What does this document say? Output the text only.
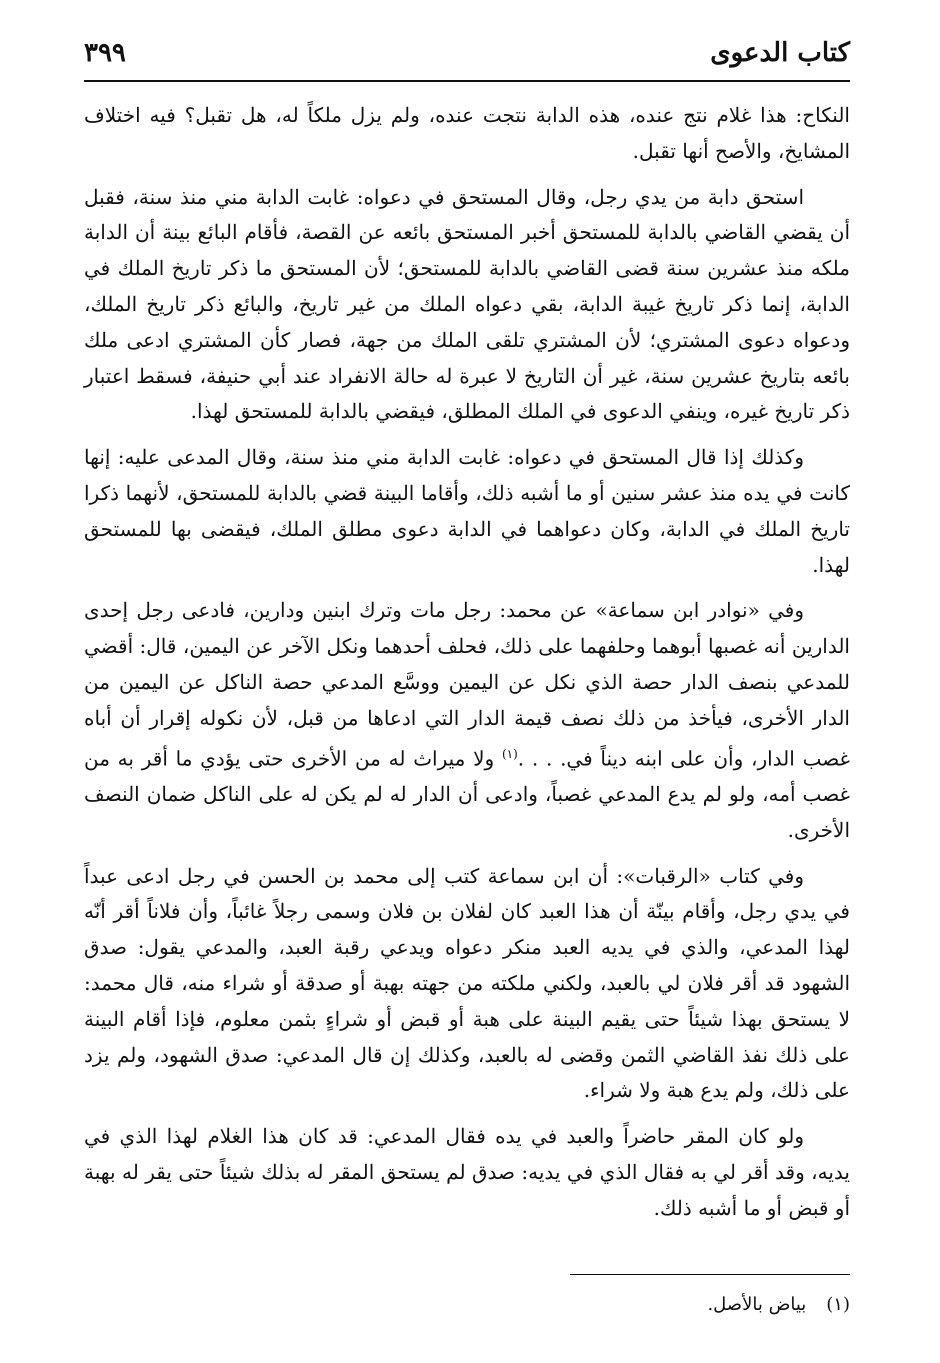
كتاب الدعوى
٣٩٩

النكاح: هذا غلام نتج عنده، هذه الدابة نتجت عنده، ولم يزل ملكاً له، هل تقبل؟ فيه اختلاف المشايخ، والأصح أنها تقبل.

استحق دابة من يدي رجل، وقال المستحق في دعواه: غابت الدابة مني منذ سنة، فقبل أن يقضي القاضي بالدابة للمستحق أخبر المستحق بائعه عن القصة، فأقام البائع بينة أن الدابة ملكه منذ عشرين سنة قضى القاضي بالدابة للمستحق؛ لأن المستحق ما ذكر تاريخ الملك في الدابة، إنما ذكر تاريخ غيبة الدابة، بقي دعواه الملك من غير تاريخ، والبائع ذكر تاريخ الملك، ودعواه دعوى المشتري؛ لأن المشتري تلقى الملك من جهة، فصار كأن المشتري ادعى ملك بائعه بتاريخ عشرين سنة، غير أن التاريخ لا عبرة له حالة الانفراد عند أبي حنيفة، فسقط اعتبار ذكر تاريخ غيره، وينفي الدعوى في الملك المطلق، فيقضي بالدابة للمستحق لهذا.

وكذلك إذا قال المستحق في دعواه: غابت الدابة مني منذ سنة، وقال المدعى عليه: إنها كانت في يده منذ عشر سنين أو ما أشبه ذلك، وأقاما البينة قضي بالدابة للمستحق، لأنهما ذكرا تاريخ الملك في الدابة، وكان دعواهما في الدابة دعوى مطلق الملك، فيقضى بها للمستحق لهذا.

وفي «نوادر ابن سماعة» عن محمد: رجل مات وترك ابنين ودارين، فادعى رجل إحدى الدارين أنه غصبها أبوهما وحلفهما على ذلك، فحلف أحدهما ونكل الآخر عن اليمين، قال: أقضي للمدعي بنصف الدار حصة الذي نكل عن اليمين ووسَّع المدعي حصة الناكل عن اليمين من الدار الأخرى، فيأخذ من ذلك نصف قيمة الدار التي ادعاها من قبل، لأن نكوله إقرار أن أباه غصب الدار، وأن على ابنه ديناً في. . . .$^{(١)}$ ولا ميراث له من الأخرى حتى يؤدي ما أقر به من غصب أمه، ولو لم يدع المدعي غصباً، وادعى أن الدار له لم يكن له على الناكل ضمان النصف الأخرى.

وفي كتاب «الرقبات»: أن ابن سماعة كتب إلى محمد بن الحسن في رجل ادعى عبداً في يدي رجل، وأقام بينّة أن هذا العبد كان لفلان بن فلان وسمى رجلاً غائباً، وأن فلاناً أقر أنّه لهذا المدعي، والذي في يديه العبد منكر دعواه ويدعي رقبة العبد، والمدعي يقول: صدق الشهود قد أقر فلان لي بالعبد، ولكني ملكته من جهته بهبة أو صدقة أو شراء منه، قال محمد: لا يستحق بهذا شيئاً حتى يقيم البينة على هبة أو قبض أو شراءٍ بثمن معلوم، فإذا أقام البينة على ذلك نفذ القاضي الثمن وقضى له بالعبد، وكذلك إن قال المدعي: صدق الشهود، ولم يزد على ذلك، ولم يدع هبة ولا شراء.

ولو كان المقر حاضراً والعبد في يده فقال المدعي: قد كان هذا الغلام لهذا الذي في يديه، وقد أقر لي به فقال الذي في يديه: صدق لم يستحق المقر له بذلك شيئاً حتى يقر له بهبة أو قبض أو ما أشبه ذلك.

(١)بياض بالأصل.
